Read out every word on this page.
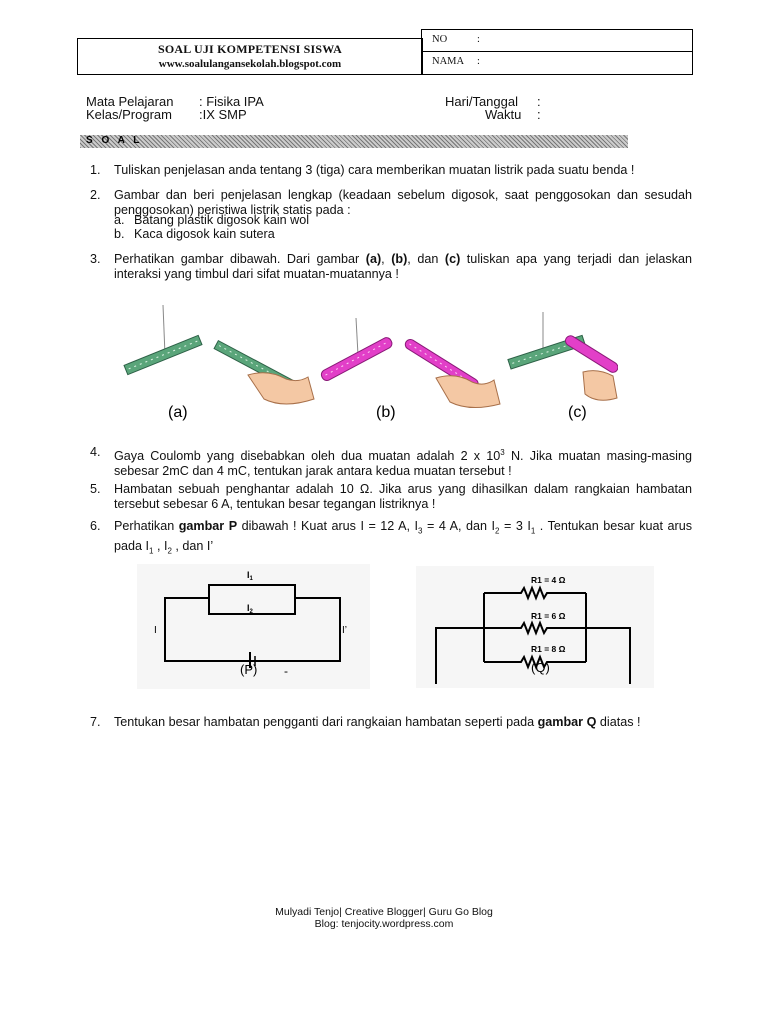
SOAL UJI KOMPETENSI SISWA
www.soalulangansekolah.blogspot.com
NO	:
NAMA :
Mata Pelajaran : Fisika IPA
Kelas/Program :IX SMP
Hari/Tanggal :
Waktu :
S O A L
1. Tuliskan penjelasan anda tentang 3 (tiga) cara memberikan muatan listrik pada suatu benda !
2. Gambar dan beri penjelasan lengkap (keadaan sebelum digosok, saat penggosokan dan sesudah penggosokan) peristiwa listrik statis pada :
a. Batang plastik digosok kain wol
b. Kaca digosok kain sutera
3. Perhatikan gambar dibawah. Dari gambar (a), (b), dan (c) tuliskan apa yang terjadi dan jelaskan interaksi yang timbul dari sifat muatan-muatannya !
(a)	(b)	(c)
4. Gaya Coulomb yang disebabkan oleh dua muatan adalah 2 x $10^3$ N. Jika muatan masing-masing sebesar 2mC dan 4 mC, tentukan jarak antara kedua muatan tersebut !
5. Hambatan sebuah penghantar adalah 10 Ω. Jika arus yang dihasilkan dalam rangkaian hambatan tersebut sebesar 6 A, tentukan besar tegangan listriknya !
6. Perhatikan gambar P dibawah ! Kuat arus I = 12 A, $I_3 = 4$ A, dan $I_2 = 3$ $I_1$ . Tentukan besar kuat arus pada $I_1$ , $I_2$ , dan I’
$I_1$
$I_2$
I	I’
(P) -
R1 = 4 Ω
R1 = 6 Ω
R1 = 8 Ω
(Q)
7. Tentukan besar hambatan pengganti dari rangkaian hambatan seperti pada gambar Q diatas !
Mulyadi Tenjo| Creative Blogger| Guru Go Blog
Blog: tenjocity.wordpress.com
